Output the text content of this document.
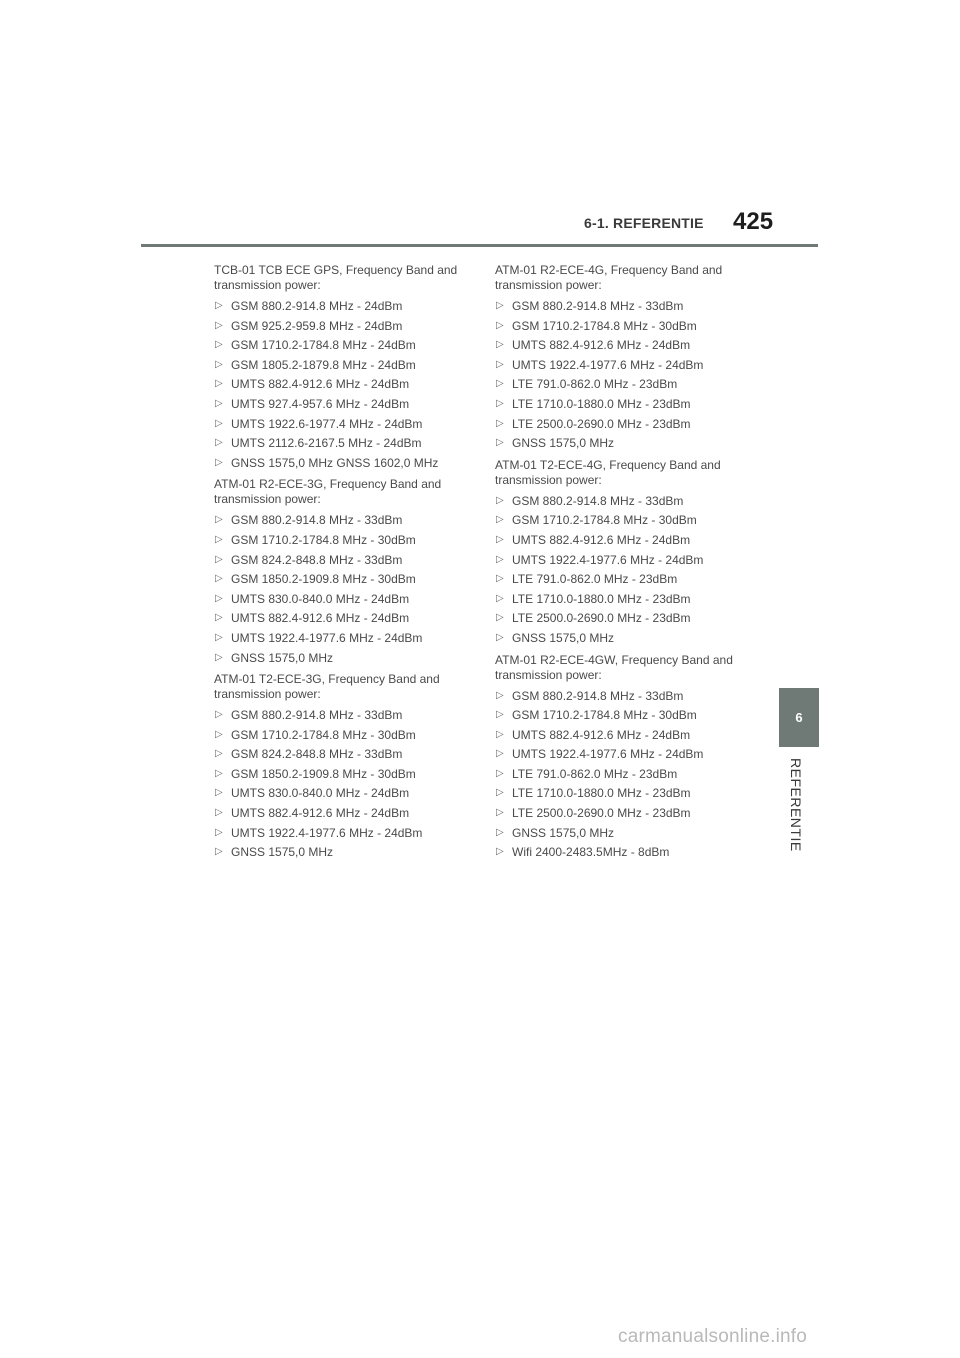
6-1. REFERENTIE 425
TCB-01 TCB ECE GPS, Frequency Band and transmission power:
▷ GSM 880.2-914.8 MHz - 24dBm
▷ GSM 925.2-959.8 MHz - 24dBm
▷ GSM 1710.2-1784.8 MHz - 24dBm
▷ GSM 1805.2-1879.8 MHz - 24dBm
▷ UMTS 882.4-912.6 MHz - 24dBm
▷ UMTS 927.4-957.6 MHz - 24dBm
▷ UMTS 1922.6-1977.4 MHz - 24dBm
▷ UMTS 2112.6-2167.5 MHz - 24dBm
▷ GNSS 1575,0 MHz GNSS 1602,0 MHz
ATM-01 R2-ECE-3G, Frequency Band and transmission power:
▷ GSM 880.2-914.8 MHz - 33dBm
▷ GSM 1710.2-1784.8 MHz - 30dBm
▷ GSM 824.2-848.8 MHz - 33dBm
▷ GSM 1850.2-1909.8 MHz - 30dBm
▷ UMTS 830.0-840.0 MHz - 24dBm
▷ UMTS 882.4-912.6 MHz - 24dBm
▷ UMTS 1922.4-1977.6 MHz - 24dBm
▷ GNSS 1575,0 MHz
ATM-01 T2-ECE-3G, Frequency Band and transmission power:
▷ GSM 880.2-914.8 MHz - 33dBm
▷ GSM 1710.2-1784.8 MHz - 30dBm
▷ GSM 824.2-848.8 MHz - 33dBm
▷ GSM 1850.2-1909.8 MHz - 30dBm
▷ UMTS 830.0-840.0 MHz - 24dBm
▷ UMTS 882.4-912.6 MHz - 24dBm
▷ UMTS 1922.4-1977.6 MHz - 24dBm
▷ GNSS 1575,0 MHz
ATM-01 R2-ECE-4G, Frequency Band and transmission power:
▷ GSM 880.2-914.8 MHz - 33dBm
▷ GSM 1710.2-1784.8 MHz - 30dBm
▷ UMTS 882.4-912.6 MHz - 24dBm
▷ UMTS 1922.4-1977.6 MHz - 24dBm
▷ LTE 791.0-862.0 MHz - 23dBm
▷ LTE 1710.0-1880.0 MHz - 23dBm
▷ LTE 2500.0-2690.0 MHz - 23dBm
▷ GNSS 1575,0 MHz
ATM-01 T2-ECE-4G, Frequency Band and transmission power:
▷ GSM 880.2-914.8 MHz - 33dBm
▷ GSM 1710.2-1784.8 MHz - 30dBm
▷ UMTS 882.4-912.6 MHz - 24dBm
▷ UMTS 1922.4-1977.6 MHz - 24dBm
▷ LTE 791.0-862.0 MHz - 23dBm
▷ LTE 1710.0-1880.0 MHz - 23dBm
▷ LTE 2500.0-2690.0 MHz - 23dBm
▷ GNSS 1575,0 MHz
ATM-01 R2-ECE-4GW, Frequency Band and transmission power:
▷ GSM 880.2-914.8 MHz - 33dBm
▷ GSM 1710.2-1784.8 MHz - 30dBm
▷ UMTS 882.4-912.6 MHz - 24dBm
▷ UMTS 1922.4-1977.6 MHz - 24dBm
▷ LTE 791.0-862.0 MHz - 23dBm
▷ LTE 1710.0-1880.0 MHz - 23dBm
▷ LTE 2500.0-2690.0 MHz - 23dBm
▷ GNSS 1575,0 MHz
▷ Wifi 2400-2483.5MHz - 8dBm
6
REFERENTIE
carmanualsonline.info
